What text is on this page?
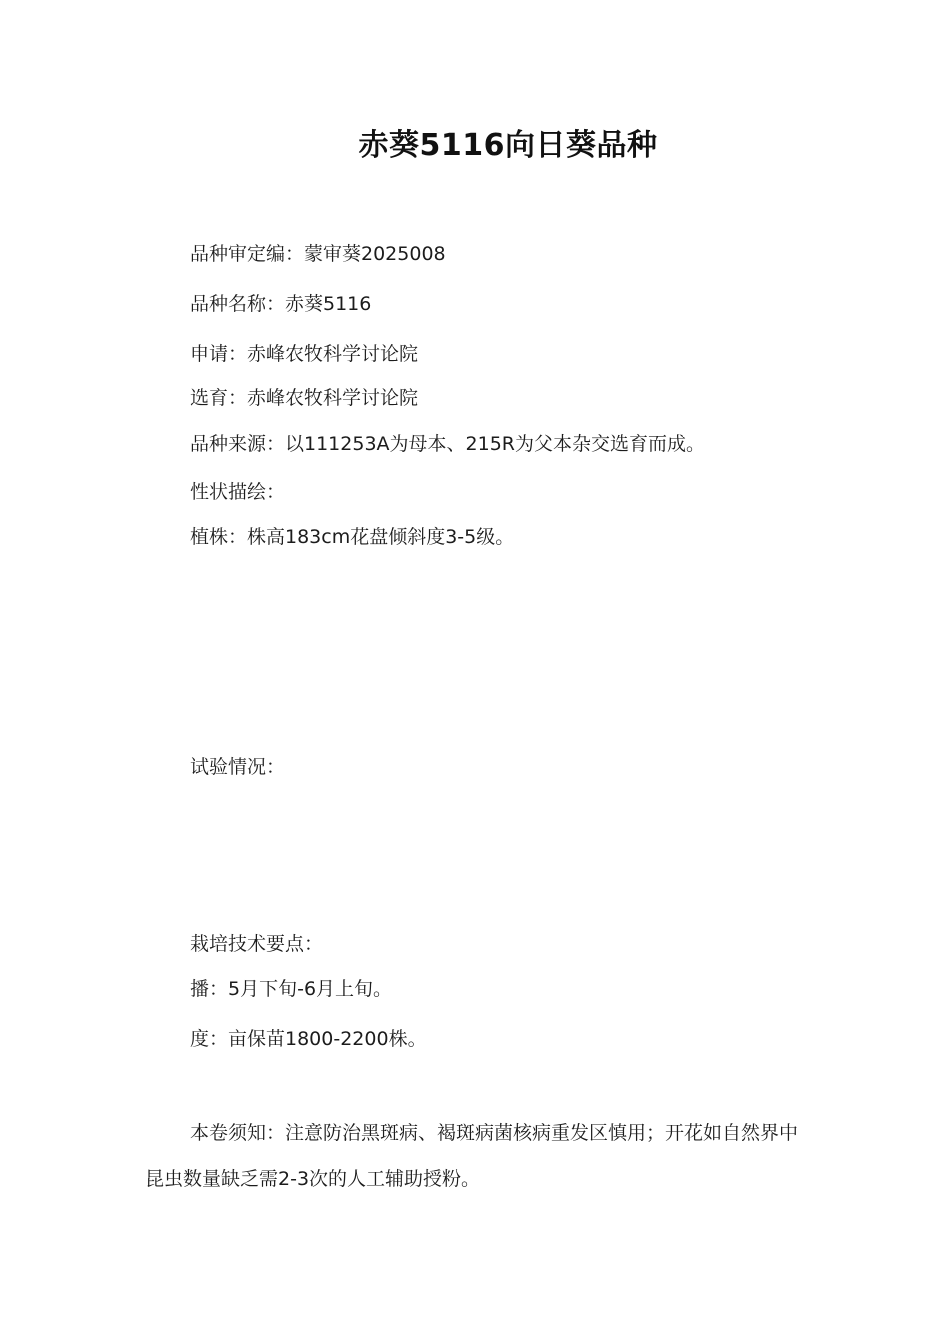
赤葵5116向日葵品种
品种审定编：蒙审葵2025008
品种名称：赤葵5116
申请：赤峰农牧科学讨论院
选育：赤峰农牧科学讨论院
品种来源：以111253A为母本、215R为父本杂交选育而成。
性状描绘：
植株：株高183cm花盘倾斜度3-5级。
试验情况：
栽培技术要点：
播：5月下旬-6月上旬。
度：亩保苗1800-2200株。
本卷须知：注意防治黑斑病、褐斑病菌核病重发区慎用；开花如自然界中昆虫数量缺乏需2-3次的人工辅助授粉。
